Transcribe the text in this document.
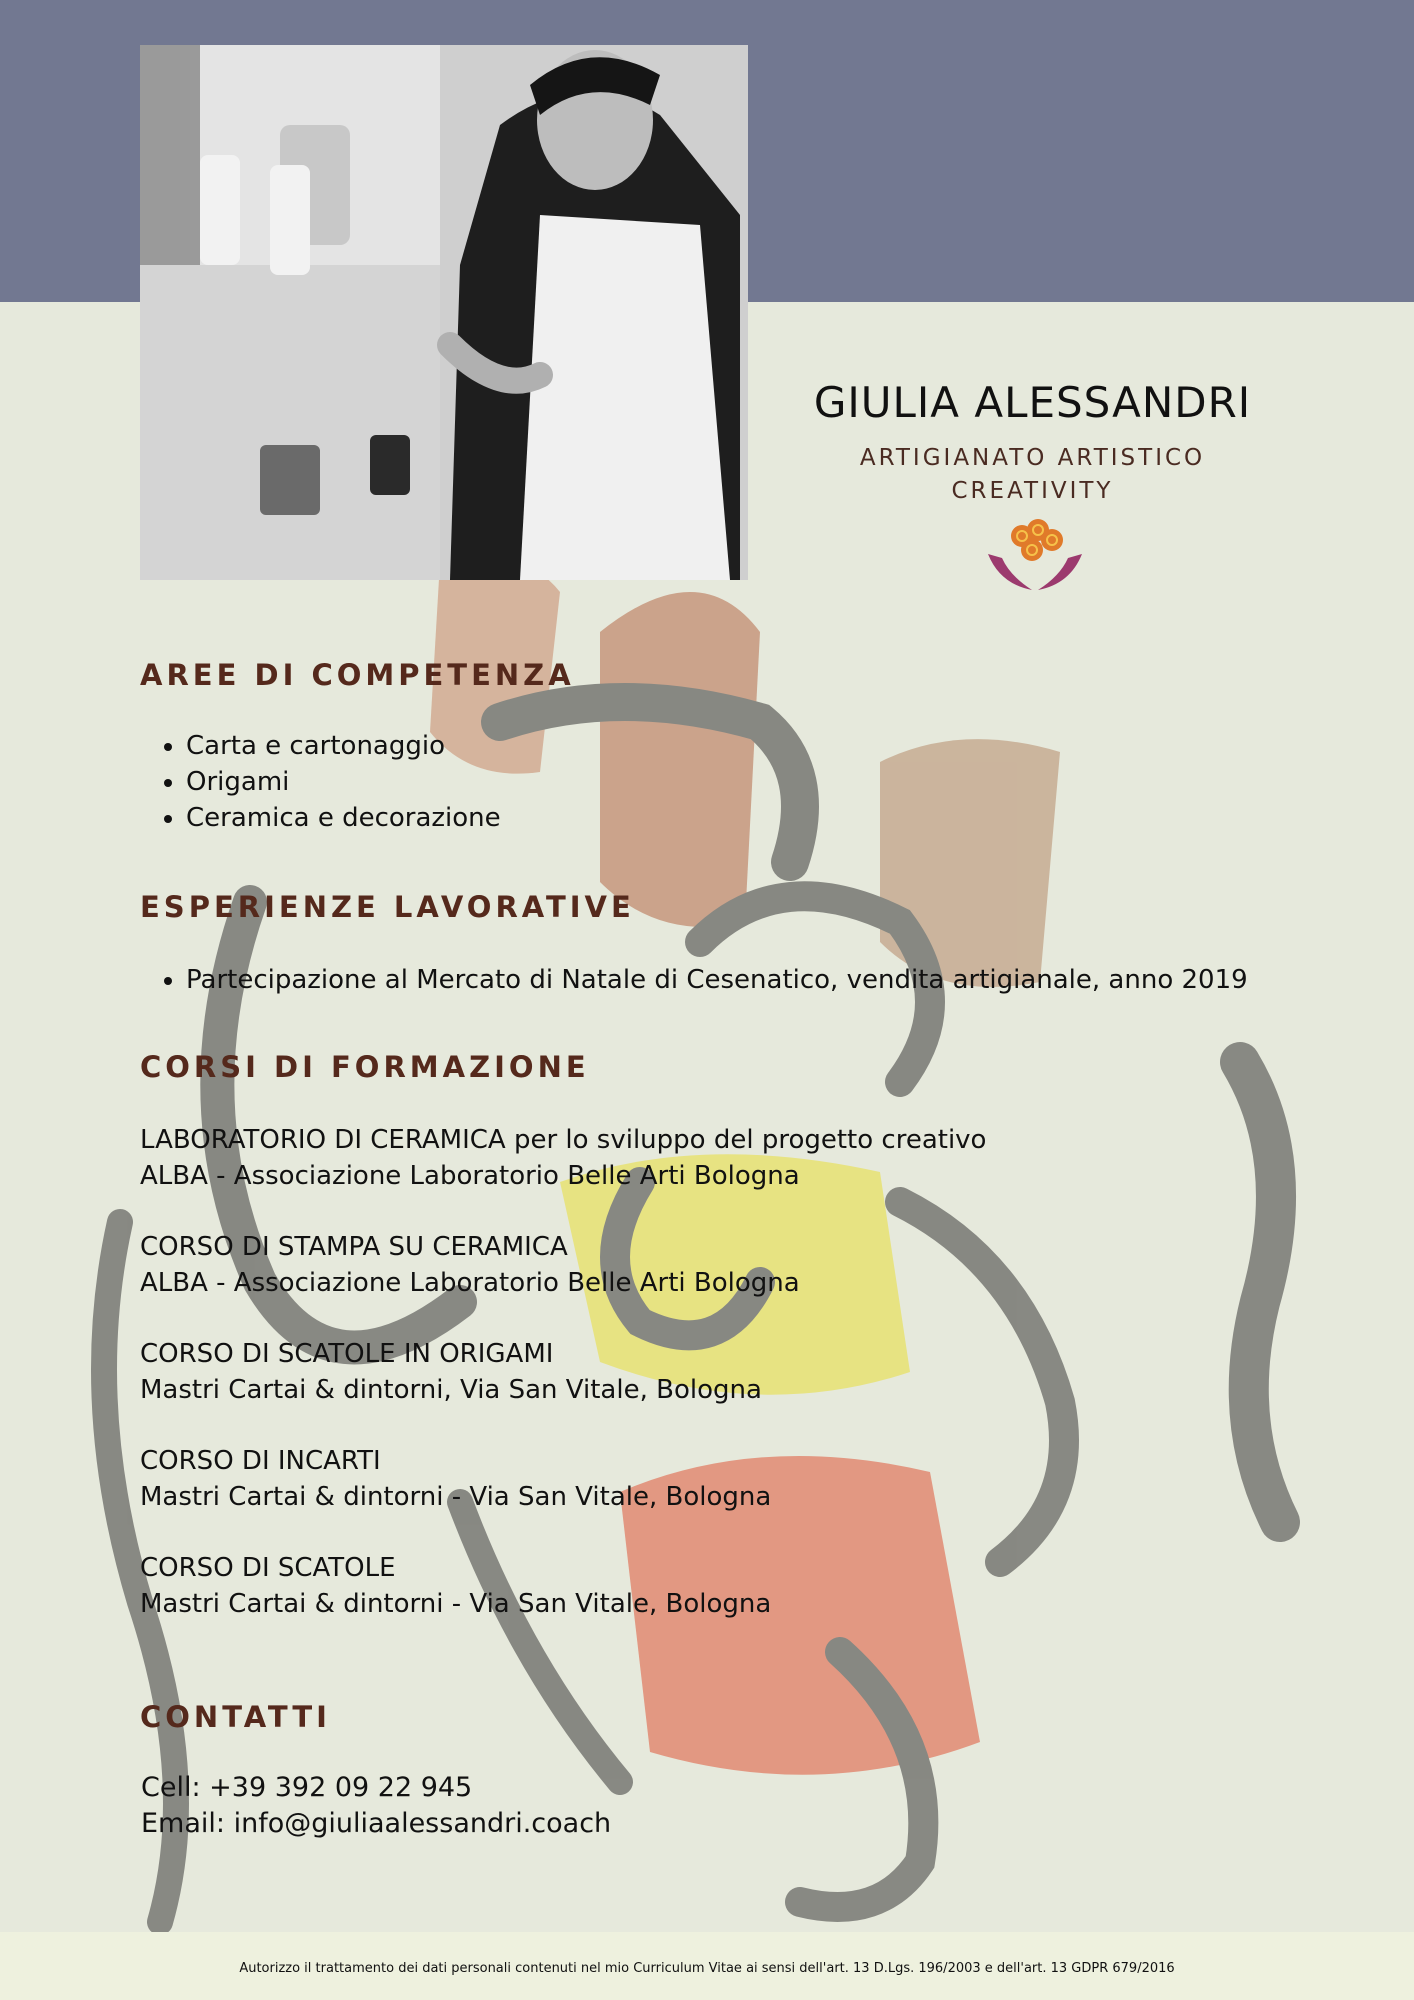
GIULIA ALESSANDRI
ARTIGIANATO ARTISTICO
CREATIVITY
AREE DI COMPETENZA
• Carta e cartonaggio
• Origami
• Ceramica e decorazione
ESPERIENZE LAVORATIVE
• Partecipazione al Mercato di Natale di Cesenatico, vendita artigianale, anno 2019
CORSI DI FORMAZIONE
LABORATORIO DI CERAMICA per lo sviluppo del progetto creativo
ALBA - Associazione Laboratorio Belle Arti Bologna
CORSO DI STAMPA SU CERAMICA
ALBA - Associazione Laboratorio Belle Arti Bologna
CORSO DI SCATOLE IN ORIGAMI
Mastri Cartai & dintorni, Via San Vitale, Bologna
CORSO DI INCARTI
Mastri Cartai & dintorni - Via San Vitale, Bologna
CORSO DI SCATOLE
Mastri Cartai & dintorni - Via San Vitale, Bologna
CONTATTI
Cell: +39 392 09 22 945
Email: info@giuliaalessandri.coach
Autorizzo il trattamento dei dati personali contenuti nel mio Curriculum Vitae ai sensi dell'art. 13 D.Lgs. 196/2003 e dell'art. 13 GDPR 679/2016
